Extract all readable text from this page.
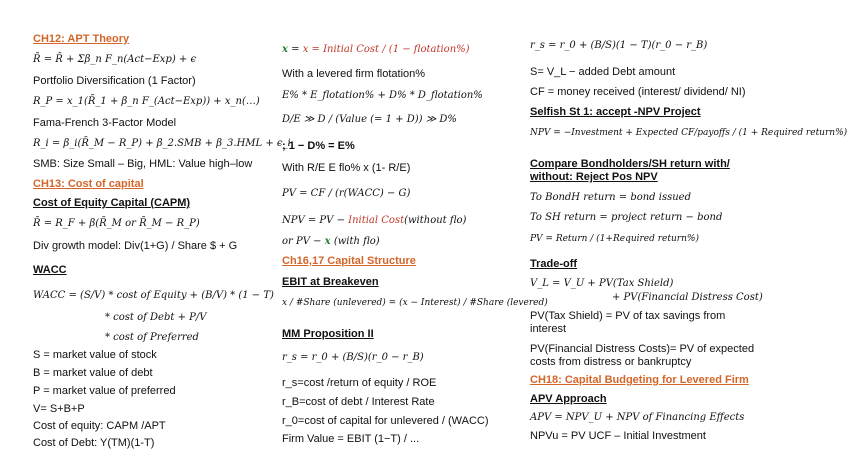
CH12: APT Theory
R̄ = R̄ + Σβ_n F_n(Act−Exp) + ϵ
Portfolio Diversification (1 Factor)
R_P = x_1(R̄_1 + β_n F_(Act−Exp)) + x_n(…)
Fama-French 3-Factor Model
R_i = β_i(R̄_M − R_P) + β_2.SMB + β_3.HML + ϵ_i
SMB: Size Small – Big, HML: Value high–low
CH13: Cost of capital
Cost of Equity Capital (CAPM)
R̄ = R_F + β(R̄_M or R̄_M − R_P)
Div growth model: Div(1+G) / Share $ + G
WACC
WACC = (S/V) * cost of Equity + (B/V) * (1 − T)
* cost of Debt + P/V
* cost of Preferred
S = market value of stock
B = market value of debt
P = market value of preferred
V= S+B+P
Cost of equity: CAPM /APT
Cost of Debt: Y(TM)(1-T)
x = x = Initial Cost / (1 − flotation%)
With a levered firm flotation%
E% * E_flotation% + D% * D_flotation%
D/E ≫ D / (Value (= 1 + D)) ≫ D%
; 1 − D% = E%
With R/E E flo% x (1- R/E)
PV = CF / (r(WACC) − G)
NPV = PV − Initial Cost(without flo)
or PV − x (with flo)
Ch16,17 Capital Structure
EBIT at Breakeven
x / #Share (unlevered) = (x − Interest) / #Share (levered)
MM Proposition II
r_s = r_0 + (B/S)(r_0 − r_B)
r_s=cost /return of equity / ROE
r_B=cost of debt / Interest Rate
r_0=cost of capital for unlevered / (WACC)
Firm Value = EBIT (1−T) / ...
r_s = r_0 + (B/S)(1 − T)(r_0 − r_B)
S= V_L − added Debt amount
CF = money received (interest/ dividend/ NI)
Selfish St 1: accept -NPV Project
NPV = −Investment + Expected CF/payoffs / (1 + Required return%)
Compare Bondholders/SH return with/
without: Reject Pos NPV
To BondH return = bond issued
To SH return = project return − bond
PV = Return / (1+Required return%)
Trade-off
V_L = V_U + PV(Tax Shield)
+ PV(Financial Distress Cost)
PV(Tax Shield) = PV of tax savings from
interest
PV(Financial Distress Costs)= PV of expected
costs from distress or bankruptcy
CH18: Capital Budgeting for Levered Firm
APV Approach
APV = NPV_U + NPV of Financing Effects
NPVu = PV UCF – Initial Investment
